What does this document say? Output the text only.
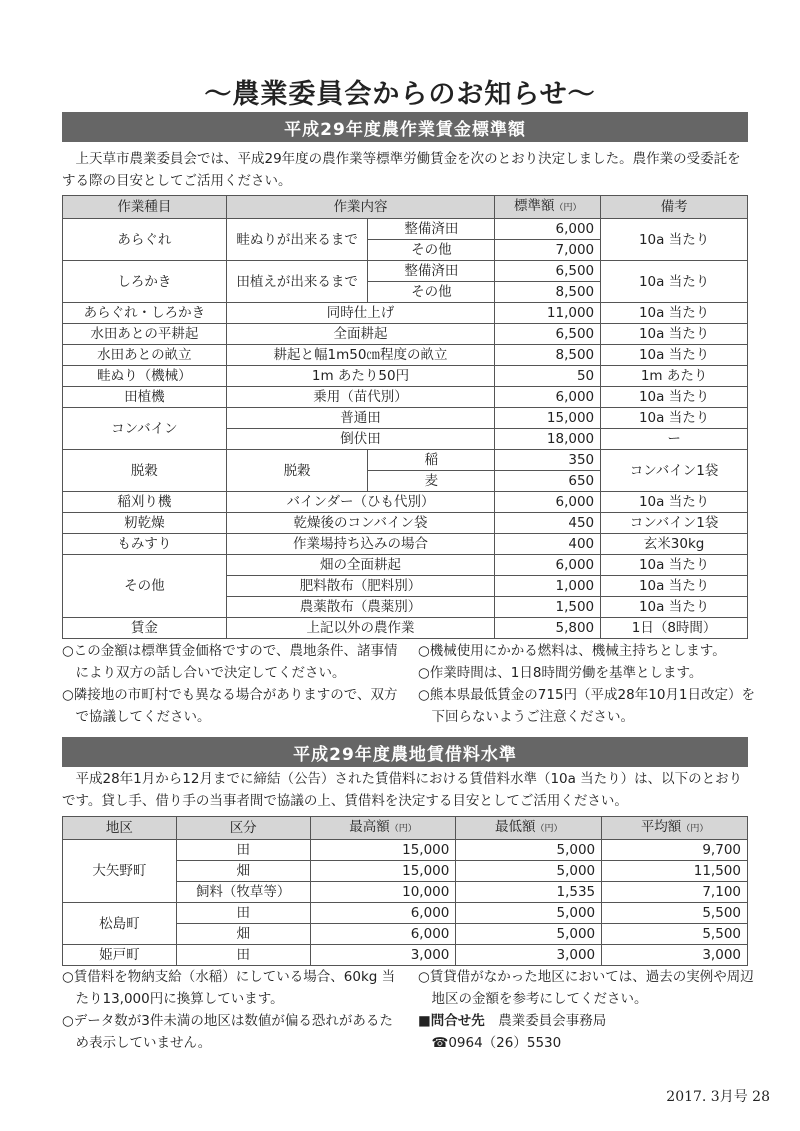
～農業委員会からのお知らせ～
平成29年度農作業賃金標準額

上天草市農業委員会では、平成29年度の農作業等標準労働賃金を次のとおり決定しました。農作業の受委託をする際の目安としてご活用ください。

作業種目	作業内容		標準額（円）	備考
あらぐれ	畦ぬりが出来るまで	整備済田	6,000	10a 当たり
		その他	7,000	
しろかき	田植えが出来るまで	整備済田	6,500	10a 当たり
		その他	8,500	
あらぐれ・しろかき	同時仕上げ		11,000	10a 当たり
水田あとの平耕起	全面耕起		6,500	10a 当たり
水田あとの畝立	耕起と幅1m50㎝程度の畝立		8,500	10a 当たり
畦ぬり（機械）	1m あたり50円		50	1m あたり
田植機	乗用（苗代別）		6,000	10a 当たり
コンバイン	普通田		15,000	10a 当たり
	倒伏田		18,000	ー
脱穀	脱穀	稲	350	コンバイン1袋
		麦	650	
稲刈り機	バインダー（ひも代別）		6,000	10a 当たり
籾乾燥	乾燥後のコンバイン袋		450	コンバイン1袋
もみすり	作業場持ち込みの場合		400	玄米30kg
その他	畑の全面耕起		6,000	10a 当たり
	肥料散布（肥料別）		1,000	10a 当たり
	農薬散布（農薬別）		1,500	10a 当たり
賃金	上記以外の農作業		5,800	1日（8時間）
○この金額は標準賃金価格ですので、農地条件、諸事情により双方の話し合いで決定してください。
○隣接地の市町村でも異なる場合がありますので、双方で協議してください。
○機械使用にかかる燃料は、機械主持ちとします。
○作業時間は、1日8時間労働を基準とします。
○熊本県最低賃金の715円（平成28年10月1日改定）を下回らないようご注意ください。
平成29年度農地賃借料水準

平成28年1月から12月までに締結（公告）された賃借料における賃借料水準（10a 当たり）は、以下のとおりです。貸し手、借り手の当事者間で協議の上、賃借料を決定する目安としてご活用ください。

地区	区分	最高額（円）	最低額（円）	平均額（円）
大矢野町	田	15,000	5,000	9,700
	畑	15,000	5,000	11,500
	飼料（牧草等）	10,000	1,535	7,100
松島町	田	6,000	5,000	5,500
	畑	6,000	5,000	5,500
姫戸町	田	3,000	3,000	3,000
○賃借料を物納支給（水稲）にしている場合、60kg 当たり13,000円に換算しています。
○データ数が3件未満の地区は数値が偏る恐れがあるため表示していません。
○賃貸借がなかった地区においては、過去の実例や周辺地区の金額を参考にしてください。
■問合せ先　 農業委員会事務局
☎0964（26）5530
2017. 3月号 28
